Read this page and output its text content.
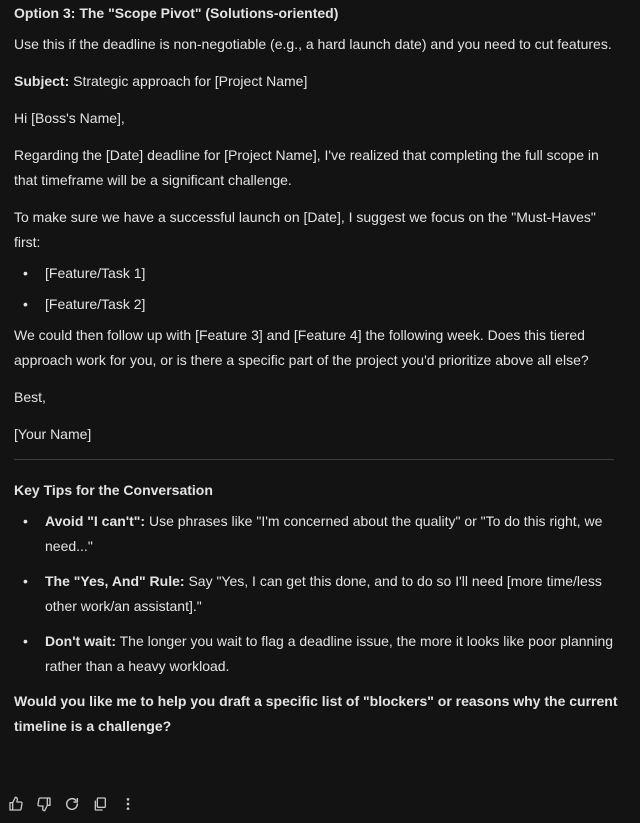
Option 3: The "Scope Pivot" (Solutions-oriented)

Use this if the deadline is non-negotiable (e.g., a hard launch date) and you need to cut features.

Subject: Strategic approach for [Project Name]

Hi [Boss's Name],

Regarding the [Date] deadline for [Project Name], I've realized that completing the full scope in that timeframe will be a significant challenge.

To make sure we have a successful launch on [Date], I suggest we focus on the "Must-Haves" first:

• [Feature/Task 1]
• [Feature/Task 2]

We could then follow up with [Feature 3] and [Feature 4] the following week. Does this tiered approach work for you, or is there a specific part of the project you'd prioritize above all else?

Best,

[Your Name]

Key Tips for the Conversation

• Avoid "I can't": Use phrases like "I'm concerned about the quality" or "To do this right, we need..."
• The "Yes, And" Rule: Say "Yes, I can get this done, and to do so I'll need [more time/less other work/an assistant]."
• Don't wait: The longer you wait to flag a deadline issue, the more it looks like poor planning rather than a heavy workload.

Would you like me to help you draft a specific list of "blockers" or reasons why the current timeline is a challenge?
